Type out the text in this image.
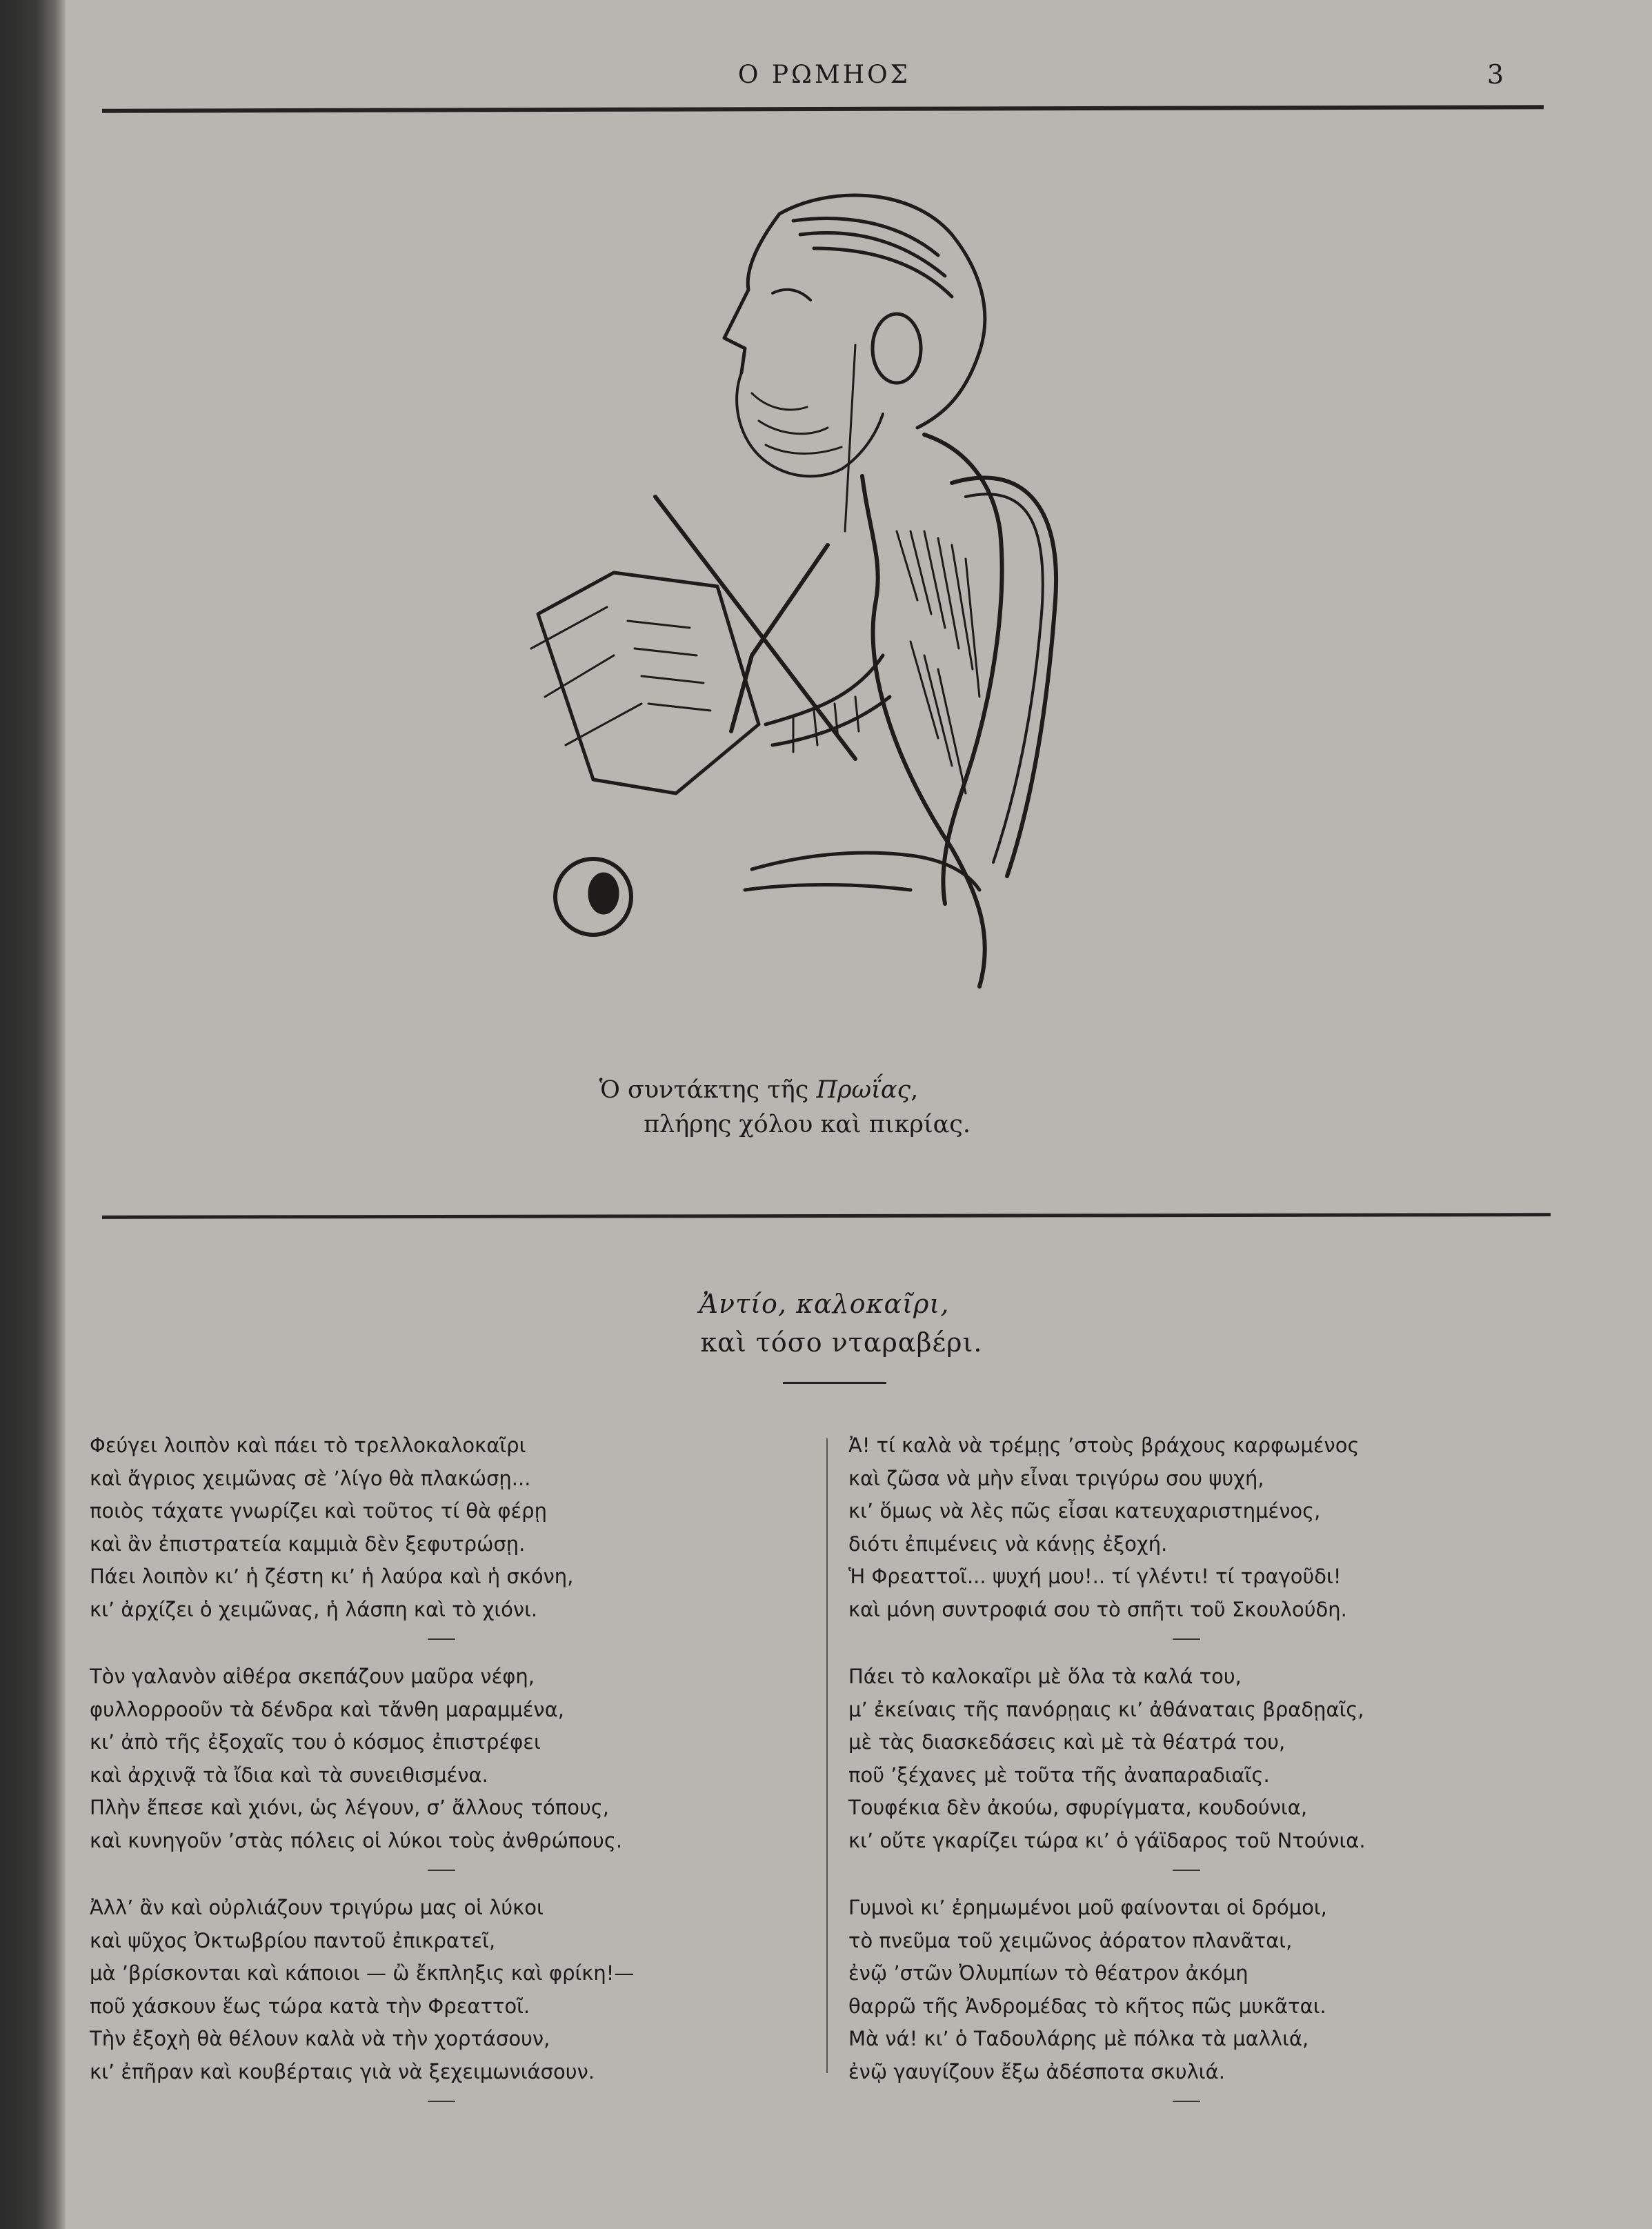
Ο ΡΩΜΗΟΣ	3
Ὁ συντάκτης τῆς Πρωΐας,
πλήρης χόλου καὶ πικρίας.
Ἀντίο, καλοκαῖρι,
καὶ τόσο νταραβέρι.
Φεύγει λοιπὸν καὶ πάει τὸ τρελλοκαλοκαῖρι
καὶ ἄγριος χειμῶνας σὲ ’λίγο θὰ πλακώσῃ...
ποιὸς τάχατε γνωρίζει καὶ τοῦτος τί θὰ φέρῃ
καὶ ἂν ἐπιστρατεία καμμιὰ δὲν ξεφυτρώσῃ.
Πάει λοιπὸν κι’ ἡ ζέστη κι’ ἡ λαύρα καὶ ἡ σκόνη,
κι’ ἀρχίζει ὁ χειμῶνας, ἡ λάσπη καὶ τὸ χιόνι.
Τὸν γαλανὸν αἰθέρα σκεπάζουν μαῦρα νέφη,
φυλλορροοῦν τὰ δένδρα καὶ τἄνθη μαραμμένα,
κι’ ἀπὸ τῆς ἐξοχαῖς του ὁ κόσμος ἐπιστρέφει
καὶ ἀρχινᾷ τὰ ἴδια καὶ τὰ συνειθισμένα.
Πλὴν ἔπεσε καὶ χιόνι, ὡς λέγουν, σ’ ἄλλους τόπους,
καὶ κυνηγοῦν ’στὰς πόλεις οἱ λύκοι τοὺς ἀνθρώπους.
Ἀλλ’ ἂν καὶ οὐρλιάζουν τριγύρω μας οἱ λύκοι
καὶ ψῦχος Ὀκτωβρίου παντοῦ ἐπικρατεῖ,
μὰ ’βρίσκονται καὶ κάποιοι — ὢ ἔκπληξις καὶ φρίκη!—
ποῦ χάσκουν ἕως τώρα κατὰ τὴν Φρεαττοῖ.
Τὴν ἐξοχὴ θὰ θέλουν καλὰ νὰ τὴν χορτάσουν,
κι’ ἐπῆραν καὶ κουβέρταις γιὰ νὰ ξεχειμωνιάσουν.
Ἀ! τί καλὰ νὰ τρέμῃς ’στοὺς βράχους καρφωμένος
καὶ ζῶσα νὰ μὴν εἶναι τριγύρω σου ψυχή,
κι’ ὅμως νὰ λὲς πῶς εἶσαι κατευχαριστημένος,
διότι ἐπιμένεις νὰ κάνῃς ἐξοχή.
Ἡ Φρεαττοῖ... ψυχή μου!.. τί γλέντι! τί τραγοῦδι!
καὶ μόνη συντροφιά σου τὸ σπῆτι τοῦ Σκουλούδη.
Πάει τὸ καλοκαῖρι μὲ ὅλα τὰ καλά του,
μ’ ἐκείναις τῆς πανόρῃαις κι’ ἀθάναταις βραδῃαῖς,
μὲ τὰς διασκεδάσεις καὶ μὲ τὰ θέατρά του,
ποῦ ’ξέχανες μὲ τοῦτα τῆς ἀναπαραδιαῖς.
Τουφέκια δὲν ἀκούω, σφυρίγματα, κουδούνια,
κι’ οὔτε γκαρίζει τώρα κι’ ὁ γάϊδαρος τοῦ Ντούνια.
Γυμνοὶ κι’ ἐρημωμένοι μοῦ φαίνονται οἱ δρόμοι,
τὸ πνεῦμα τοῦ χειμῶνος ἀόρατον πλανᾶται,
ἐνῷ ’στῶν Ὀλυμπίων τὸ θέατρον ἀκόμη
θαρρῶ τῆς Ἀνδρομέδας τὸ κῆτος πῶς μυκᾶται.
Μὰ νά! κι’ ὁ Ταδουλάρης μὲ πόλκα τὰ μαλλιά,
ἐνῷ γαυγίζουν ἔξω ἀδέσποτα σκυλιά.
